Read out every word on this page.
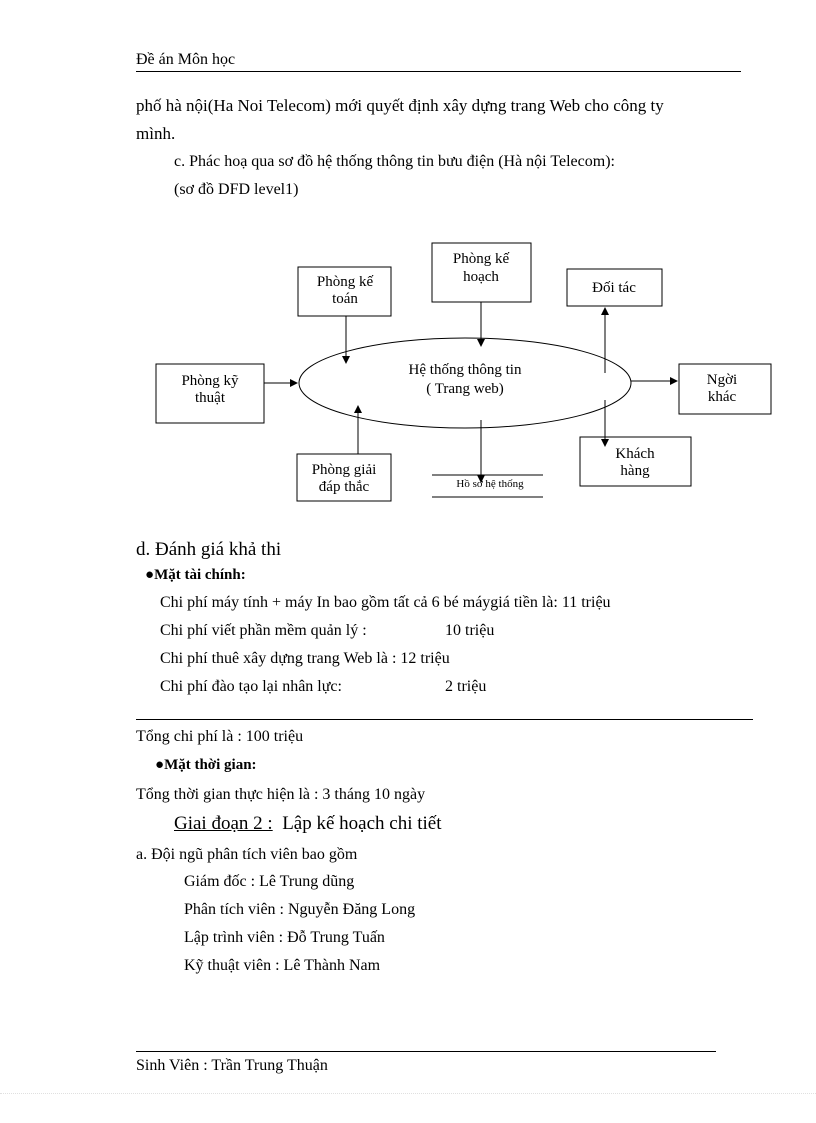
Đề án Môn học
phố hà nội(Ha Noi Telecom) mới quyết định xây dựng trang Web cho công ty
mình.
c. Phác hoạ qua sơ đồ hệ thống thông tin bưu điện (Hà nội Telecom):
(sơ đồ DFD level1)
Hệ thống thông tin
( Trang web)
Phòng kế
toán
Phòng kế
hoạch
Đối tác
Phòng kỹ
thuật
Ngời
khác
Phòng giải
đáp thắc
Khách
hàng
Hồ sơ hệ thống
d. Đánh giá khả thi
●Mặt tài chính:
Chi phí máy tính + máy In bao gồm tất cả 6 bé máygiá tiền là: 11 triệu
Chi phí viết phần mềm quản lý :	10 triệu
Chi phí thuê xây dựng trang Web là : 12 triệu
Chi phí đào tạo lại nhân lực:	2 triệu
Tổng chi phí là : 100 triệu
●Mặt thời gian:
Tổng thời gian thực hiện là : 3 tháng 10 ngày
Giai đoạn 2 : Lập kế hoạch chi tiết
a. Đội ngũ phân tích viên bao gồm
Giám đốc : Lê Trung dũng
Phân tích viên : Nguyễn Đăng Long
Lập trình viên : Đỗ Trung Tuấn
Kỹ thuật viên : Lê Thành Nam
Sinh Viên : Trần Trung Thuận
